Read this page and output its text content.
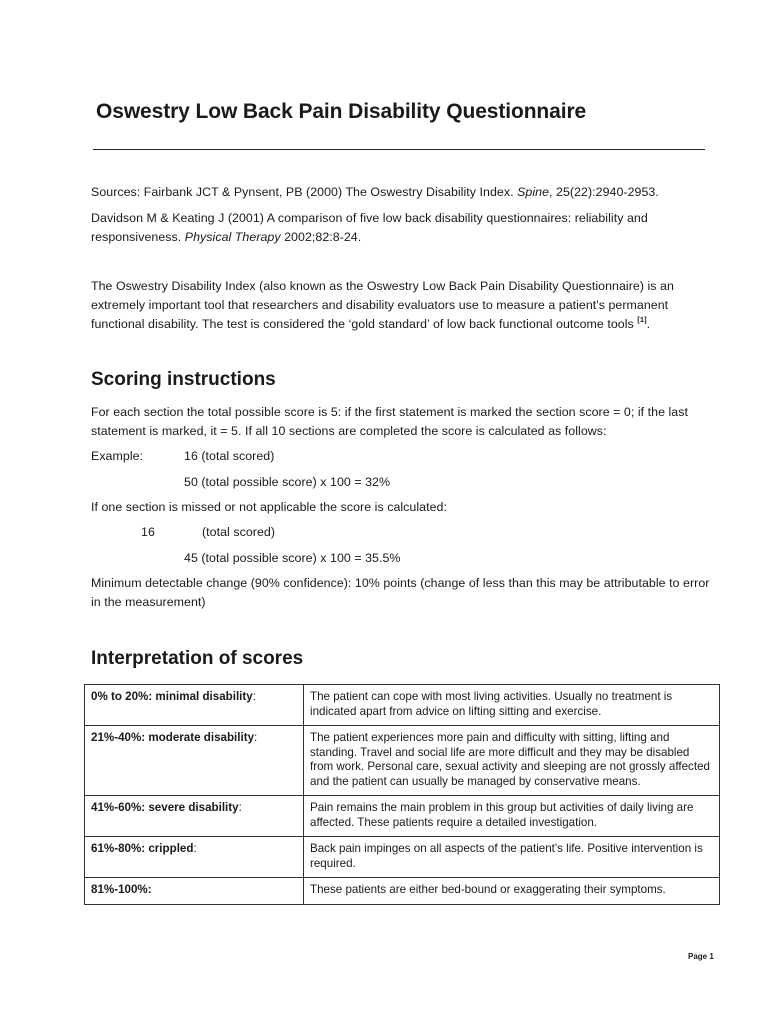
Oswestry Low Back Pain Disability Questionnaire

Sources: Fairbank JCT & Pynsent, PB (2000) The Oswestry Disability Index. Spine, 25(22):2940-2953.

Davidson M & Keating J (2001) A comparison of five low back disability questionnaires: reliability and responsiveness. Physical Therapy 2002;82:8-24.

The Oswestry Disability Index (also known as the Oswestry Low Back Pain Disability Questionnaire) is an extremely important tool that researchers and disability evaluators use to measure a patient's permanent functional disability. The test is considered the ‘gold standard’ of low back functional outcome tools [1].

Scoring instructions

For each section the total possible score is 5: if the first statement is marked the section score = 0; if the last statement is marked, it = 5. If all 10 sections are completed the score is calculated as follows:

Example:	16 (total scored)

50 (total possible score) x 100 = 32%

If one section is missed or not applicable the score is calculated:

16	(total scored)

45 (total possible score) x 100 = 35.5%

Minimum detectable change (90% confidence): 10% points (change of less than this may be attributable to error in the measurement)

Interpretation of scores
0% to 20%: minimal disability:	The patient can cope with most living activities. Usually no treatment is indicated apart from advice on lifting sitting and exercise.
21%-40%: moderate disability:	The patient experiences more pain and difficulty with sitting, lifting and standing. Travel and social life are more difficult and they may be disabled from work. Personal care, sexual activity and sleeping are not grossly affected and the patient can usually be managed by conservative means.
41%-60%: severe disability:	Pain remains the main problem in this group but activities of daily living are affected. These patients require a detailed investigation.
61%-80%: crippled:	Back pain impinges on all aspects of the patient's life. Positive intervention is required.
81%-100%:	These patients are either bed-bound or exaggerating their symptoms.

Page 1
